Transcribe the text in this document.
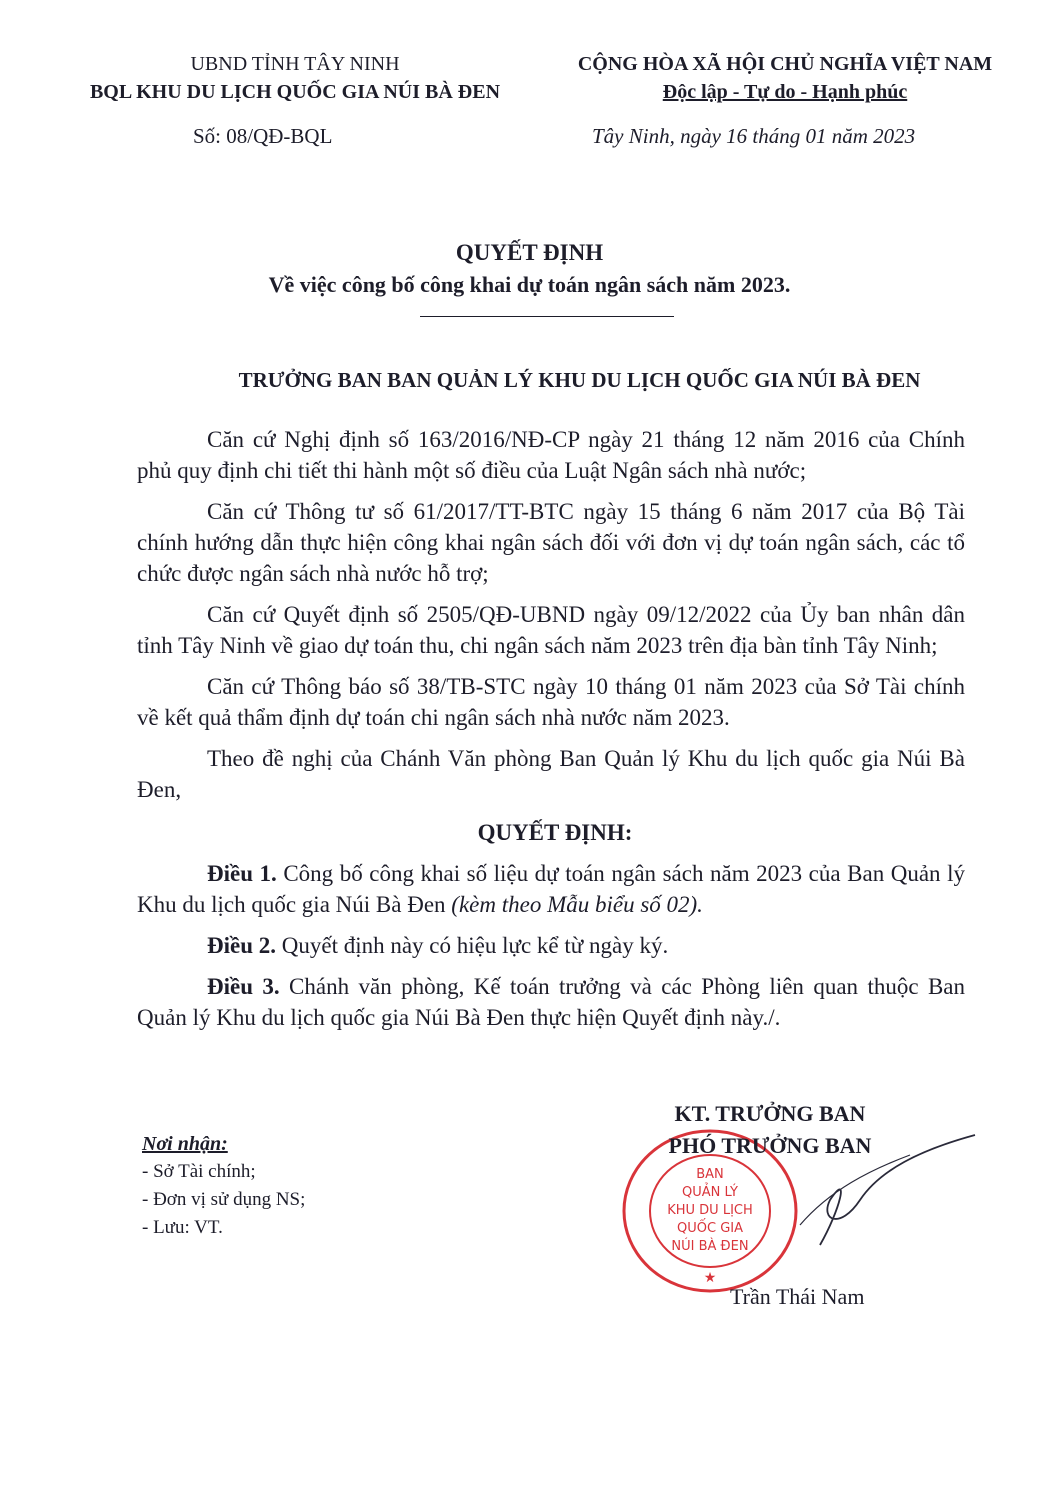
UBND TỈNH TÂY NINH
BQL KHU DU LỊCH QUỐC GIA NÚI BÀ ĐEN
CỘNG HÒA XÃ HỘI CHỦ NGHĨA VIỆT NAM
Độc lập - Tự do - Hạnh phúc
Số: 08/QĐ-BQL	Tây Ninh, ngày 16 tháng 01 năm 2023
QUYẾT ĐỊNH
Về việc công bố công khai dự toán ngân sách năm 2023.
TRƯỞNG BAN BAN QUẢN LÝ KHU DU LỊCH QUỐC GIA NÚI BÀ ĐEN

Căn cứ Nghị định số 163/2016/NĐ-CP ngày 21 tháng 12 năm 2016 của Chính phủ quy định chi tiết thi hành một số điều của Luật Ngân sách nhà nước;

Căn cứ Thông tư số 61/2017/TT-BTC ngày 15 tháng 6 năm 2017 của Bộ Tài chính hướng dẫn thực hiện công khai ngân sách đối với đơn vị dự toán ngân sách, các tổ chức được ngân sách nhà nước hỗ trợ;

Căn cứ Quyết định số 2505/QĐ-UBND ngày 09/12/2022 của Ủy ban nhân dân tỉnh Tây Ninh về giao dự toán thu, chi ngân sách năm 2023 trên địa bàn tỉnh Tây Ninh;

Căn cứ Thông báo số 38/TB-STC ngày 10 tháng 01 năm 2023 của Sở Tài chính về kết quả thẩm định dự toán chi ngân sách nhà nước năm 2023.

Theo đề nghị của Chánh Văn phòng Ban Quản lý Khu du lịch quốc gia Núi Bà Đen,

QUYẾT ĐỊNH:

Điều 1. Công bố công khai số liệu dự toán ngân sách năm 2023 của Ban Quản lý Khu du lịch quốc gia Núi Bà Đen (kèm theo Mẫu biểu số 02).

Điều 2. Quyết định này có hiệu lực kể từ ngày ký.

Điều 3. Chánh văn phòng, Kế toán trưởng và các Phòng liên quan thuộc Ban Quản lý Khu du lịch quốc gia Núi Bà Đen thực hiện Quyết định này./.

Nơi nhận:
- Sở Tài chính;
- Đơn vị sử dụng NS;
- Lưu: VT.
BAN
QUẢN LÝ
KHU DU LỊCH
QUỐC GIA
NÚI BÀ ĐEN
★
KT. TRƯỞNG BAN
PHÓ TRƯỞNG BAN
Trần Thái Nam
